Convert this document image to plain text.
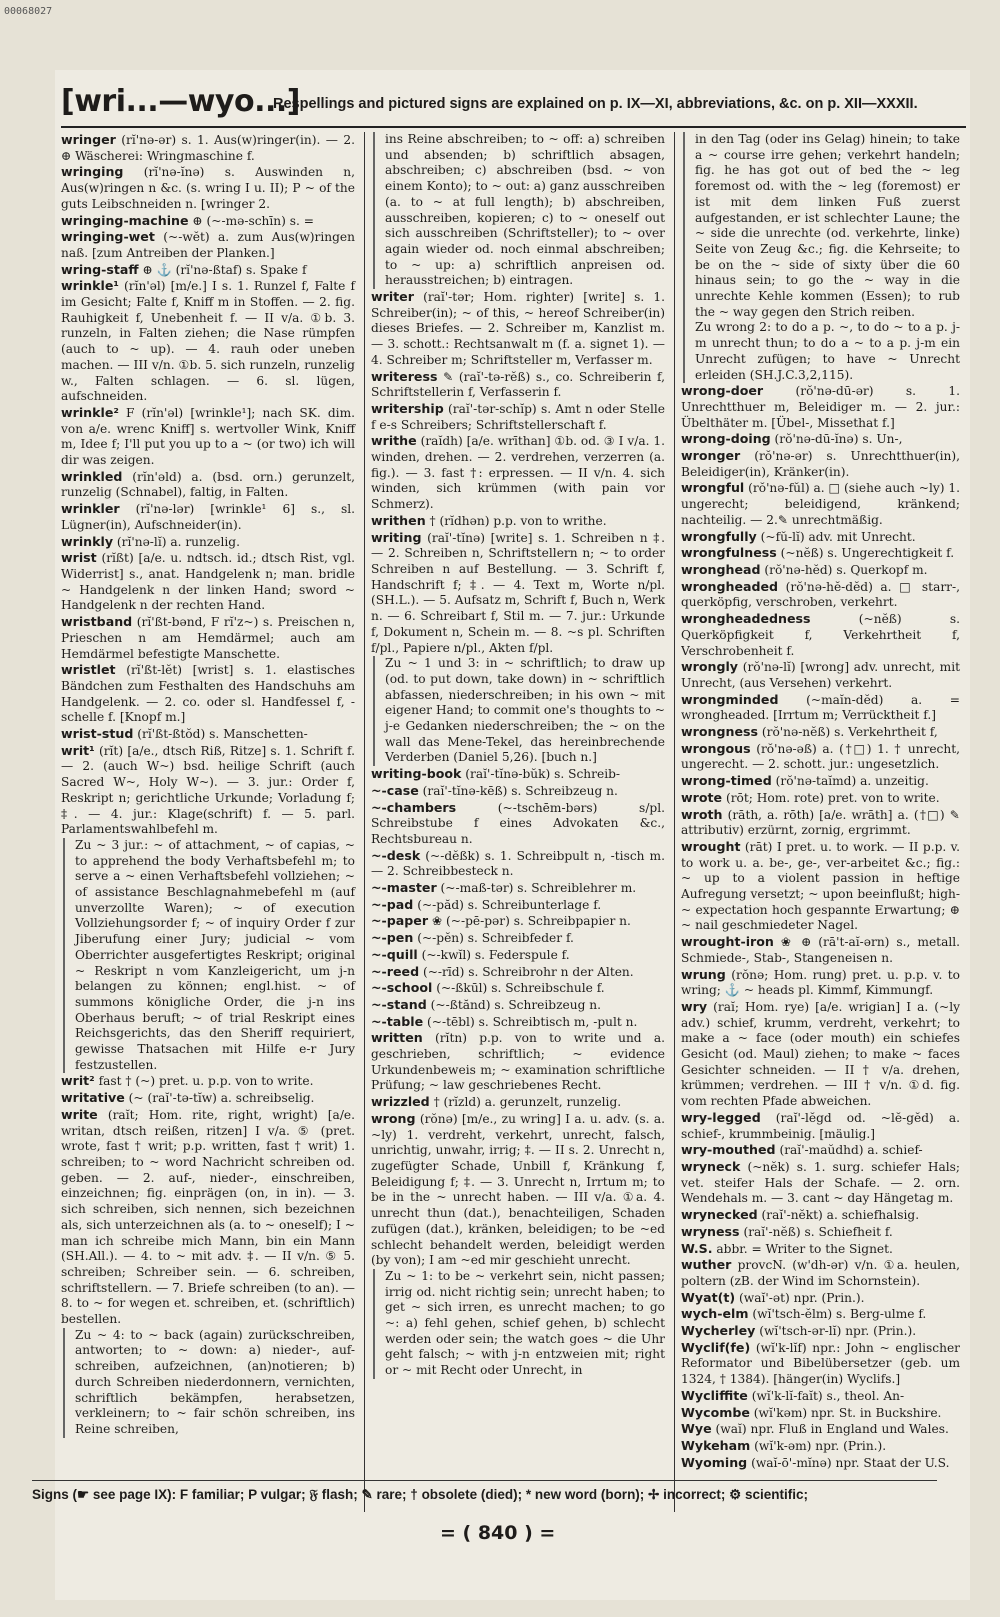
00068027
[wri...—wyo...]
Respellings and pictured signs are explained on p. IX—XI, abbreviations, &c. on p. XII—XXXII.

wringer (rĭ'nǝ-ǝr) s. 1. Aus(w)ringer(in). — 2. ⊕ Wäscherei: Wringmaschine f.

wringing (rĭ'nǝ-ĭnǝ) s. Auswinden n, Aus(w)ringen n &c. (s. wring I u. II); P ~ of the guts Leibschneiden n. [wringer 2.

wringing-machine ⊕ (~-mǝ-schīn) s. =

wringing-wet (~-wĕt) a. zum Aus(w)ringen naß. [zum Antreiben der Planken.]

wring-staff ⊕ ⚓ (rĭ'nǝ-ßtaf) s. Spake f

wrinkle¹ (rĭn'ǝl) [m/e.] I s. 1. Runzel f, Falte f im Gesicht; Falte f, Kniff m in Stoffen. — 2. fig. Rauhigkeit f, Unebenheit f. — II v/a. ①b. 3. runzeln, in Falten ziehen; die Nase rümpfen (auch to ~ up). — 4. rauh oder uneben machen. — III v/n. ①b. 5. sich runzeln, runzelig w., Falten schlagen. — 6. sl. lügen, aufschneiden.

wrinkle² F (rĭn'ǝl) [wrinkle¹]; nach SK. dim. von a/e. wrenc Kniff] s. wertvoller Wink, Kniff m, Idee f; I'll put you up to a ~ (or two) ich will dir was zeigen.

wrinkled (rĭn'ǝld) a. (bsd. orn.) gerunzelt, runzelig (Schnabel), faltig, in Falten.

wrinkler (rĭ'nǝ-lǝr) [wrinkle¹ 6] s., sl. Lügner(in), Aufschneider(in).

wrinkly (rĭ'nǝ-lĭ) a. runzelig.

wrist (rĭßt) [a/e. u. ndtsch. id.; dtsch Rist, vgl. Widerrist] s., anat. Handgelenk n; man. bridle ~ Handgelenk n der linken Hand; sword ~ Handgelenk n der rechten Hand.

wristband (rĭ'ßt-bǝnd, F rĭ'z~) s. Preischen n, Prieschen n am Hemdärmel; auch am Hemdärmel befestigte Manschette.

wristlet (rĭ'ßt-lĕt) [wrist] s. 1. elastisches Bändchen zum Festhalten des Handschuhs am Handgelenk. — 2. co. oder sl. Handfessel f, -schelle f. [Knopf m.]

wrist-stud (rĭ'ßt-ßtŏd) s. Manschetten-

writ¹ (rĭt) [a/e., dtsch Riß, Ritze] s. 1. Schrift f. — 2. (auch W~) bsd. heilige Schrift (auch Sacred W~, Holy W~). — 3. jur.: Order f, Reskript n; gerichtliche Urkunde; Vorladung f; ‡. — 4. jur.: Klage(schrift) f. — 5. parl. Parlamentswahlbefehl m.

Zu ~ 3 jur.: ~ of attachment, ~ of capias, ~ to apprehend the body Verhaftsbefehl m; to serve a ~ einen Verhaftsbefehl vollziehen; ~ of assistance Beschlagnahmebefehl m (auf unverzollte Waren); ~ of execution Vollziehungsorder f; ~ of inquiry Order f zur Jiberufung einer Jury; judicial ~ vom Oberrichter ausgefertigtes Reskript; original ~ Reskript n vom Kanzleigericht, um j-n belangen zu können; engl.hist. ~ of summons königliche Order, die j-n ins Oberhaus beruft; ~ of trial Reskript eines Reichsgerichts, das den Sheriff requiriert, gewisse Thatsachen mit Hilfe e-r Jury festzustellen.

writ² fast † (~) pret. u. p.p. von to write.

writative (~ (raĭ'-tǝ-tĭw) a. schreibselig.

write (raĭt; Hom. rite, right, wright) [a/e. writan, dtsch reißen, ritzen] I v/a. ⑤ (pret. wrote, fast † writ; p.p. written, fast † writ) 1. schreiben; to ~ word Nachricht schreiben od. geben. — 2. auf-, nieder-, einschreiben, einzeichnen; fig. einprägen (on, in in). — 3. sich schreiben, sich nennen, sich bezeichnen als, sich unterzeichnen als (a. to ~ oneself); I ~ man ich schreibe mich Mann, bin ein Mann (SH.All.). — 4. to ~ mit adv. ‡. — II v/n. ⑤ 5. schreiben; Schreiber sein. — 6. schreiben, schriftstellern. — 7. Briefe schreiben (to an). — 8. to ~ for wegen et. schreiben, et. (schriftlich) bestellen.

Zu ~ 4: to ~ back (again) zurückschreiben, antworten; to ~ down: a) nieder-, auf-schreiben, aufzeichnen, (an)notieren; b) durch Schreiben niederdonnern, vernichten, schriftlich bekämpfen, herabsetzen, verkleinern; to ~ fair schön schreiben, ins Reine schreiben,

ins Reine abschreiben; to ~ off: a) schreiben und absenden; b) schriftlich absagen, abschreiben; c) abschreiben (bsd. ~ von einem Konto); to ~ out: a) ganz ausschreiben (a. to ~ at full length); b) abschreiben, ausschreiben, kopieren; c) to ~ oneself out sich ausschreiben (Schriftsteller); to ~ over again wieder od. noch einmal abschreiben; to ~ up: a) schriftlich anpreisen od. herausstreichen; b) eintragen.

writer (raĭ'-tǝr; Hom. righter) [write] s. 1. Schreiber(in); ~ of this, ~ hereof Schreiber(in) dieses Briefes. — 2. Schreiber m, Kanzlist m. — 3. schott.: Rechtsanwalt m (f. a. signet 1). — 4. Schreiber m; Schriftsteller m, Verfasser m.

writeress ✎ (raĭ'-tǝ-rĕß) s., co. Schreiberin f, Schriftstellerin f, Verfasserin f.

writership (raĭ'-tǝr-schĭp) s. Amt n oder Stelle f e-s Schreibers; Schriftstellerschaft f.

writhe (raĭdh) [a/e. wrīthan] ①b. od. ③ I v/a. 1. winden, drehen. — 2. verdrehen, verzerren (a. fig.). — 3. fast †: erpressen. — II v/n. 4. sich winden, sich krümmen (with pain vor Schmerz).

writhen † (rĭdhǝn) p.p. von to writhe.

writing (raĭ'-tĭnǝ) [write] s. 1. Schreiben n ‡. — 2. Schreiben n, Schriftstellern n; ~ to order Schreiben n auf Bestellung. — 3. Schrift f, Handschrift f; ‡. — 4. Text m, Worte n/pl. (SH.L.). — 5. Aufsatz m, Schrift f, Buch n, Werk n. — 6. Schreibart f, Stil m. — 7. jur.: Urkunde f, Dokument n, Schein m. — 8. ~s pl. Schriften f/pl., Papiere n/pl., Akten f/pl.

Zu ~ 1 und 3: in ~ schriftlich; to draw up (od. to put down, take down) in ~ schriftlich abfassen, niederschreiben; in his own ~ mit eigener Hand; to commit one's thoughts to ~ j-e Gedanken niederschreiben; the ~ on the wall das Mene-Tekel, das hereinbrechende Verderben (Daniel 5,26). [buch n.]

writing-book (raĭ'-tĭnǝ-bŭk) s. Schreib-

~-case (raĭ'-tĭnǝ-kēß) s. Schreibzeug n.

~-chambers	(~-tschēm-bǝrs) s/pl. Schreibstube f eines Advokaten &c., Rechtsbureau n.

~-desk (~-dĕßk) s. 1. Schreibpult n, -tisch m. — 2. Schreibbesteck n.

~-master (~-maß-tǝr) s. Schreiblehrer m.

~-pad (~-păd) s. Schreibunterlage f.

~-paper ❀ (~-pē-pǝr) s. Schreibpapier n.

~-pen (~-pĕn) s. Schreibfeder f.

~-quill (~-kwĭl) s. Federspule f.

~-reed (~-rīd) s. Schreibrohr n der Alten.

~-school (~-ßkūl) s. Schreibschule f.

~-stand (~-ßtănd) s. Schreibzeug n.

~-table (~-tēbl) s. Schreibtisch m, -pult n.

written (rĭtn) p.p. von to write und a. geschrieben, schriftlich; ~ evidence Urkundenbeweis m; ~ examination schriftliche Prüfung; ~ law geschriebenes Recht.

wrizzled † (rĭzld) a. gerunzelt, runzelig.

wrong (rŏnǝ) [m/e., zu wring] I a. u. adv. (s. a. ~ly) 1. verdreht, verkehrt, unrecht, falsch, unrichtig, unwahr, irrig; ‡. — II s. 2. Unrecht n, zugefügter Schade, Unbill f, Kränkung f, Beleidigung f; ‡. — 3. Unrecht n, Irrtum m; to be in the ~ unrecht haben. — III v/a. ①a. 4. unrecht thun (dat.), benachteiligen, Schaden zufügen (dat.), kränken, beleidigen; to be ~ed schlecht behandelt werden, beleidigt werden (by von); I am ~ed mir geschieht unrecht.

Zu ~ 1: to be ~ verkehrt sein, nicht passen; irrig od. nicht richtig sein; unrecht haben; to get ~ sich irren, es unrecht machen; to go ~: a) fehl gehen, schief gehen, b) schlecht werden oder sein; the watch goes ~ die Uhr geht falsch; ~ with j-n entzweien mit; right or ~ mit Recht oder Unrecht, in

in den Tag (oder ins Gelag) hinein; to take a ~ course irre gehen; verkehrt handeln; fig. he has got out of bed the ~ leg foremost od. with the ~ leg (foremost) er ist mit dem linken Fuß zuerst aufgestanden, er ist schlechter Laune; the ~ side die unrechte (od. verkehrte, linke) Seite von Zeug &c.; fig. die Kehrseite; to be on the ~ side of sixty über die 60 hinaus sein; to go the ~ way in die unrechte Kehle kommen (Essen); to rub the ~ way gegen den Strich reiben.

Zu wrong 2: to do a p. ~, to do ~ to a p. j-m unrecht thun; to do a ~ to a p. j-m ein Unrecht zufügen; to have ~ Unrecht erleiden (SH.J.C.3,2,115).

wrong-doer	(rŏ'nǝ-dū-ǝr) s. 1. Unrechtthuer m, Beleidiger m. — 2. jur.: Übelthäter m. [Übel-, Missethat f.]

wrong-doing (rŏ'nǝ-dū-ĭnǝ) s. Un-,

wronger (rŏ'nǝ-ǝr) s. Unrechtthuer(in), Beleidiger(in), Kränker(in).

wrongful (rŏ'nǝ-fŭl) a. □ (siehe auch ~ly) 1. ungerecht; beleidigend, kränkend; nachteilig. — 2.✎ unrechtmäßig.

wrongfully (~fŭ-lĭ) adv. mit Unrecht.

wrongfulness (~nĕß) s. Ungerechtigkeit f.

wronghead (rŏ'nǝ-hĕd) s. Querkopf m.

wrongheaded (rŏ'nǝ-hĕ-dĕd) a. □ starr-, querköpfig, verschroben, verkehrt.

wrongheadedness	(~nĕß) s. Querköpfigkeit f, Verkehrtheit f, Verschrobenheit f.

wrongly (rŏ'nǝ-lĭ) [wrong] adv. unrecht, mit Unrecht, (aus Versehen) verkehrt.

wrongminded (~maĭn-dĕd) a. = wrongheaded. [Irrtum m; Verrücktheit f.]

wrongness (rŏ'nǝ-nĕß) s. Verkehrtheit f,

wrongous (rŏ'nǝ-ǝß) a. (†□) 1. † unrecht, ungerecht. — 2. schott. jur.: ungesetzlich.

wrong-timed (rŏ'nǝ-taĭmd) a. unzeitig.

wrote (rōt; Hom. rote) pret. von to write.

wroth (rāth, a. rōth) [a/e. wrāth] a. (†□) ✎ attributiv) erzürnt, zornig, ergrimmt.

wrought (rāt) I pret. u. to work. — II p.p. v. to work u. a. be-, ge-, ver-arbeitet &c.; fig.: ~ up to a violent passion in heftige Aufregung versetzt; ~ upon beeinflußt; high-~ expectation hoch gespannte Erwartung; ⊕ ~ nail geschmiedeter Nagel.

wrought-iron ❀ ⊕ (rā't-aĭ-ǝrn) s., metall. Schmiede-, Stab-, Stangeneisen n.

wrung (rŏnǝ; Hom. rung) pret. u. p.p. v. to wring; ⚓ ~ heads pl. Kimmf, Kimmungf.

wry (raĭ; Hom. rye) [a/e. wrigian] I a. (~ly adv.) schief, krumm, verdreht, verkehrt; to make a ~ face (oder mouth) ein schiefes Gesicht (od. Maul) ziehen; to make ~ faces Gesichter schneiden. — II † v/a. drehen, krümmen; verdrehen. — III † v/n. ①d. fig. vom rechten Pfade abweichen.

wry-legged (raĭ'-lĕgd od. ~lĕ-gĕd) a. schief-, krummbeinig. [mäulig.]

wry-mouthed (raĭ'-maŭdhd) a. schief-

wryneck (~nĕk) s. 1. surg. schiefer Hals; vet. steifer Hals der Schafe. — 2. orn. Wendehals m. — 3. cant ~ day Hängetag m.

wrynecked (raĭ'-nĕkt) a. schiefhalsig.

wryness (raĭ'-nĕß) s. Schiefheit f.

W.S. abbr. = Writer to the Signet.

wuther provcN. (w'dh-ǝr) v/n. ①a. heulen, poltern (zB. der Wind im Schornstein).

Wyat(t) (waĭ'-ǝt) npr. (Prin.).

wych-elm (wĭ'tsch-ĕlm) s. Berg-ulme f.

Wycherley (wĭ'tsch-ǝr-lĭ) npr. (Prin.).

Wyclif(fe) (wĭ'k-lĭf) npr.: John ~ englischer Reformator und Bibelübersetzer (geb. um 1324, † 1384). [hänger(in) Wyclifs.]

Wycliffite (wĭ'k-lĭ-faĭt) s., theol. An-

Wycombe (wĭ'kǝm) npr. St. in Buckshire.

Wye (waĭ) npr. Fluß in England und Wales.

Wykeham (wĭ'k-ǝm) npr. (Prin.).

Wyoming (waĭ-ō'-mĭnǝ) npr. Staat der U.S.

Signs (☛ see page IX): F familiar; P vulgar; 𝔉 flash; ✎ rare; † obsolete (died); * new word (born); ✢ incorrect; ⚙ scientific;
= ( 840 ) =
